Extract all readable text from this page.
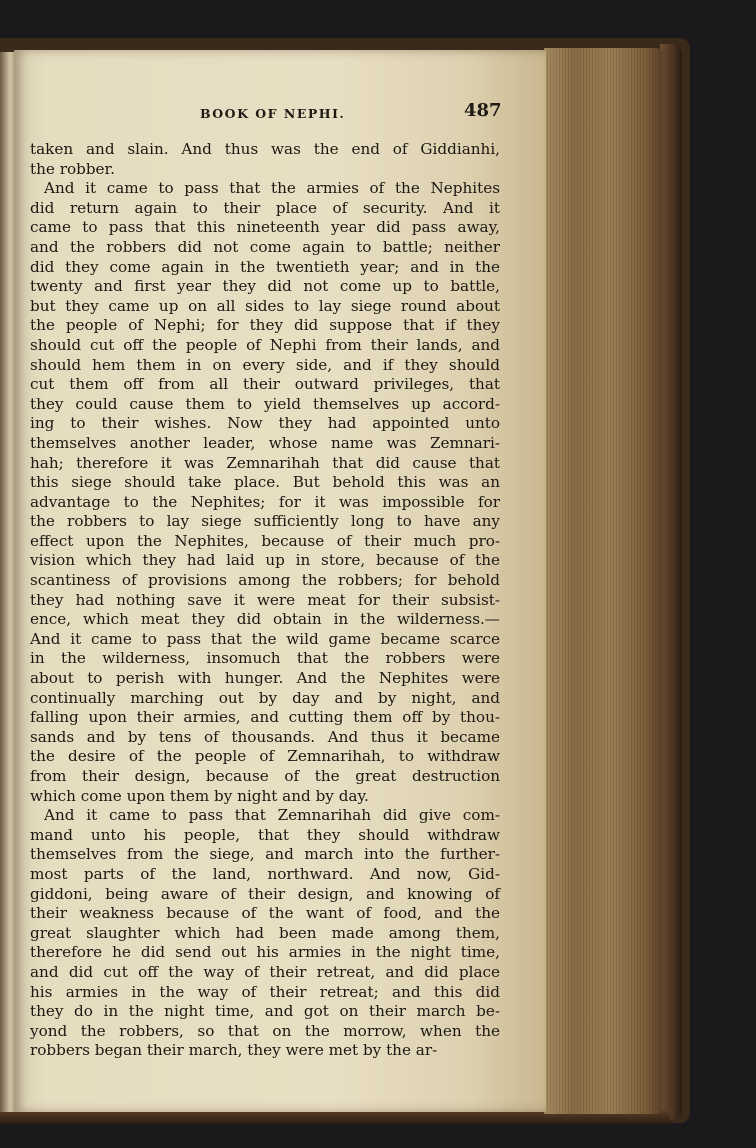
BOOK OF NEPHI.	487
taken and slain. And thus was the end of Giddianhi,
the robber.
And it came to pass that the armies of the Nephites
did return again to their place of security. And it
came to pass that this nineteenth year did pass away,
and the robbers did not come again to battle; neither
did they come again in the twentieth year; and in the
twenty and first year they did not come up to battle,
but they came up on all sides to lay siege round about
the people of Nephi; for they did suppose that if they
should cut off the people of Nephi from their lands, and
should hem them in on every side, and if they should
cut them off from all their outward privileges, that
they could cause them to yield themselves up accord-
ing to their wishes. Now they had appointed unto
themselves another leader, whose name was Zemnari-
hah; therefore it was Zemnarihah that did cause that
this siege should take place. But behold this was an
advantage to the Nephites; for it was impossible for
the robbers to lay siege sufficiently long to have any
effect upon the Nephites, because of their much pro-
vision which they had laid up in store, because of the
scantiness of provisions among the robbers; for behold
they had nothing save it were meat for their subsist-
ence, which meat they did obtain in the wilderness.—
And it came to pass that the wild game became scarce
in the wilderness, insomuch that the robbers were
about to perish with hunger. And the Nephites were
continually marching out by day and by night, and
falling upon their armies, and cutting them off by thou-
sands and by tens of thousands. And thus it became
the desire of the people of Zemnarihah, to withdraw
from their design, because of the great destruction
which come upon them by night and by day.
And it came to pass that Zemnarihah did give com-
mand unto his people, that they should withdraw
themselves from the siege, and march into the further-
most parts of the land, northward. And now, Gid-
giddoni, being aware of their design, and knowing of
their weakness because of the want of food, and the
great slaughter which had been made among them,
therefore he did send out his armies in the night time,
and did cut off the way of their retreat, and did place
his armies in the way of their retreat; and this did
they do in the night time, and got on their march be-
yond the robbers, so that on the morrow, when the
robbers began their march, they were met by the ar-
